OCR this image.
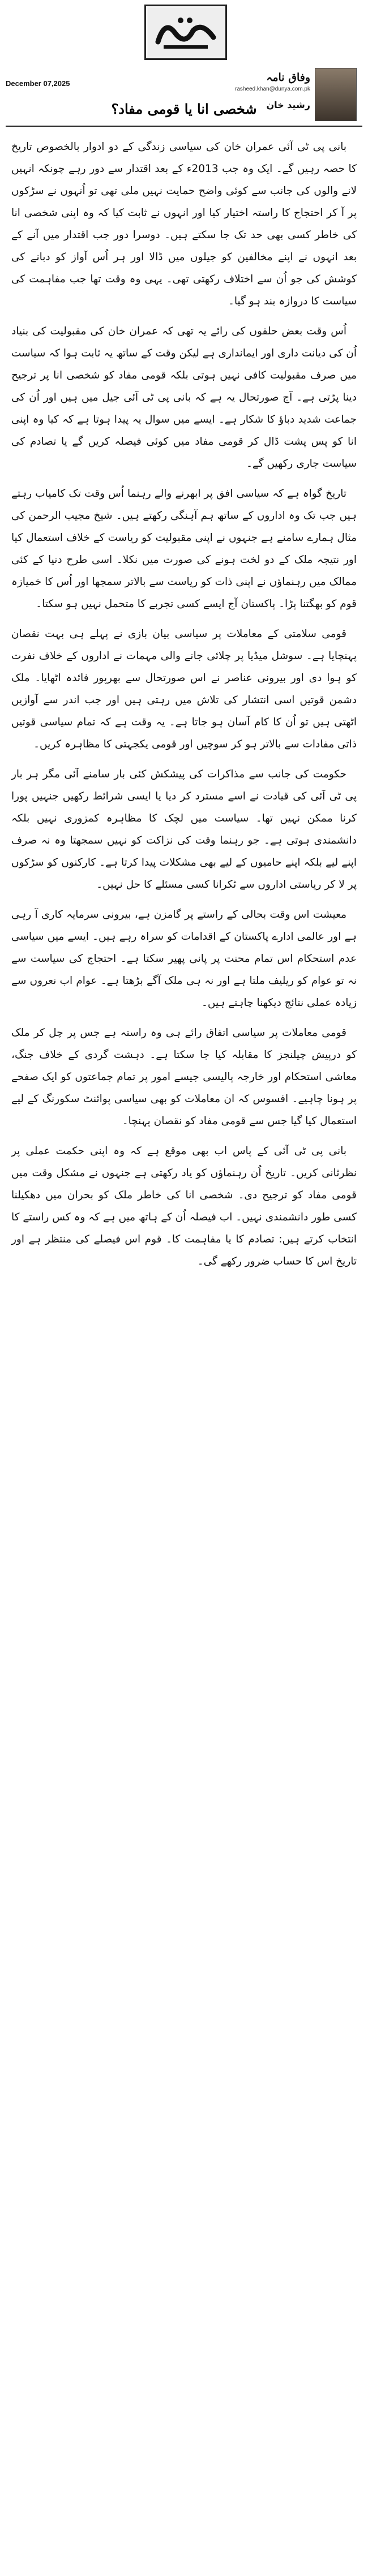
December 07,2025	وفاق نامہ
rasheed.khan@dunya.com.pk
رشید خان
شخصی انا یا قومی مفاد؟

بانی پی ٹی آئی عمران خان کی سیاسی زندگی کے دو ادوار بالخصوص تاریخ کا حصہ رہیں گے۔ ایک وہ جب 2013ء کے بعد اقتدار سے دور رہے چونکہ انہیں لانے والوں کی جانب سے کوئی واضح حمایت نہیں ملی تھی تو اُنہوں نے سڑکوں پر آ کر احتجاج کا راستہ اختیار کیا اور انہوں نے ثابت کیا کہ وہ اپنی شخصی انا کی خاطر کسی بھی حد تک جا سکتے ہیں۔ دوسرا دور جب اقتدار میں آنے کے بعد انہوں نے اپنے مخالفین کو جیلوں میں ڈالا اور ہر اُس آواز کو دبانے کی کوشش کی جو اُن سے اختلاف رکھتی تھی۔ یہی وہ وقت تھا جب مفاہمت کی سیاست کا دروازہ بند ہو گیا۔

اُس وقت بعض حلقوں کی رائے یہ تھی کہ عمران خان کی مقبولیت کی بنیاد اُن کی دیانت داری اور ایمانداری ہے لیکن وقت کے ساتھ یہ ثابت ہوا کہ سیاست میں صرف مقبولیت کافی نہیں ہوتی بلکہ قومی مفاد کو شخصی انا پر ترجیح دینا پڑتی ہے۔ آج صورتحال یہ ہے کہ بانی پی ٹی آئی جیل میں ہیں اور اُن کی جماعت شدید دباؤ کا شکار ہے۔ ایسے میں سوال یہ پیدا ہوتا ہے کہ کیا وہ اپنی انا کو پس پشت ڈال کر قومی مفاد میں کوئی فیصلہ کریں گے یا تصادم کی سیاست جاری رکھیں گے۔

تاریخ گواہ ہے کہ سیاسی افق پر ابھرنے والے رہنما اُس وقت تک کامیاب رہتے ہیں جب تک وہ اداروں کے ساتھ ہم آہنگی رکھتے ہیں۔ شیخ مجیب الرحمن کی مثال ہمارے سامنے ہے جنہوں نے اپنی مقبولیت کو ریاست کے خلاف استعمال کیا اور نتیجہ ملک کے دو لخت ہونے کی صورت میں نکلا۔ اسی طرح دنیا کے کئی ممالک میں رہنماؤں نے اپنی ذات کو ریاست سے بالاتر سمجھا اور اُس کا خمیازہ قوم کو بھگتنا پڑا۔ پاکستان آج ایسے کسی تجربے کا متحمل نہیں ہو سکتا۔

قومی سلامتی کے معاملات پر سیاسی بیان بازی نے پہلے ہی بہت نقصان پہنچایا ہے۔ سوشل میڈیا پر چلائی جانے والی مہمات نے اداروں کے خلاف نفرت کو ہوا دی اور بیرونی عناصر نے اس صورتحال سے بھرپور فائدہ اٹھایا۔ ملک دشمن قوتیں اسی انتشار کی تلاش میں رہتی ہیں اور جب اندر سے آوازیں اٹھتی ہیں تو اُن کا کام آسان ہو جاتا ہے۔ یہ وقت ہے کہ تمام سیاسی قوتیں ذاتی مفادات سے بالاتر ہو کر سوچیں اور قومی یکجہتی کا مظاہرہ کریں۔

حکومت کی جانب سے مذاکرات کی پیشکش کئی بار سامنے آئی مگر ہر بار پی ٹی آئی کی قیادت نے اسے مسترد کر دیا یا ایسی شرائط رکھیں جنہیں پورا کرنا ممکن نہیں تھا۔ سیاست میں لچک کا مظاہرہ کمزوری نہیں بلکہ دانشمندی ہوتی ہے۔ جو رہنما وقت کی نزاکت کو نہیں سمجھتا وہ نہ صرف اپنے لیے بلکہ اپنے حامیوں کے لیے بھی مشکلات پیدا کرتا ہے۔ کارکنوں کو سڑکوں پر لا کر ریاستی اداروں سے ٹکرانا کسی مسئلے کا حل نہیں۔

معیشت اس وقت بحالی کے راستے پر گامزن ہے، بیرونی سرمایہ کاری آ رہی ہے اور عالمی ادارے پاکستان کے اقدامات کو سراہ رہے ہیں۔ ایسے میں سیاسی عدم استحکام اس تمام محنت پر پانی پھیر سکتا ہے۔ احتجاج کی سیاست سے نہ تو عوام کو ریلیف ملتا ہے اور نہ ہی ملک آگے بڑھتا ہے۔ عوام اب نعروں سے زیادہ عملی نتائج دیکھنا چاہتے ہیں۔

قومی معاملات پر سیاسی اتفاق رائے ہی وہ راستہ ہے جس پر چل کر ملک کو درپیش چیلنجز کا مقابلہ کیا جا سکتا ہے۔ دہشت گردی کے خلاف جنگ، معاشی استحکام اور خارجہ پالیسی جیسے امور پر تمام جماعتوں کو ایک صفحے پر ہونا چاہیے۔ افسوس کہ ان معاملات کو بھی سیاسی پوائنٹ سکورنگ کے لیے استعمال کیا گیا جس سے قومی مفاد کو نقصان پہنچا۔

بانی پی ٹی آئی کے پاس اب بھی موقع ہے کہ وہ اپنی حکمت عملی پر نظرثانی کریں۔ تاریخ اُن رہنماؤں کو یاد رکھتی ہے جنہوں نے مشکل وقت میں قومی مفاد کو ترجیح دی۔ شخصی انا کی خاطر ملک کو بحران میں دھکیلنا کسی طور دانشمندی نہیں۔ اب فیصلہ اُن کے ہاتھ میں ہے کہ وہ کس راستے کا انتخاب کرتے ہیں: تصادم کا یا مفاہمت کا۔ قوم اس فیصلے کی منتظر ہے اور تاریخ اس کا حساب ضرور رکھے گی۔
